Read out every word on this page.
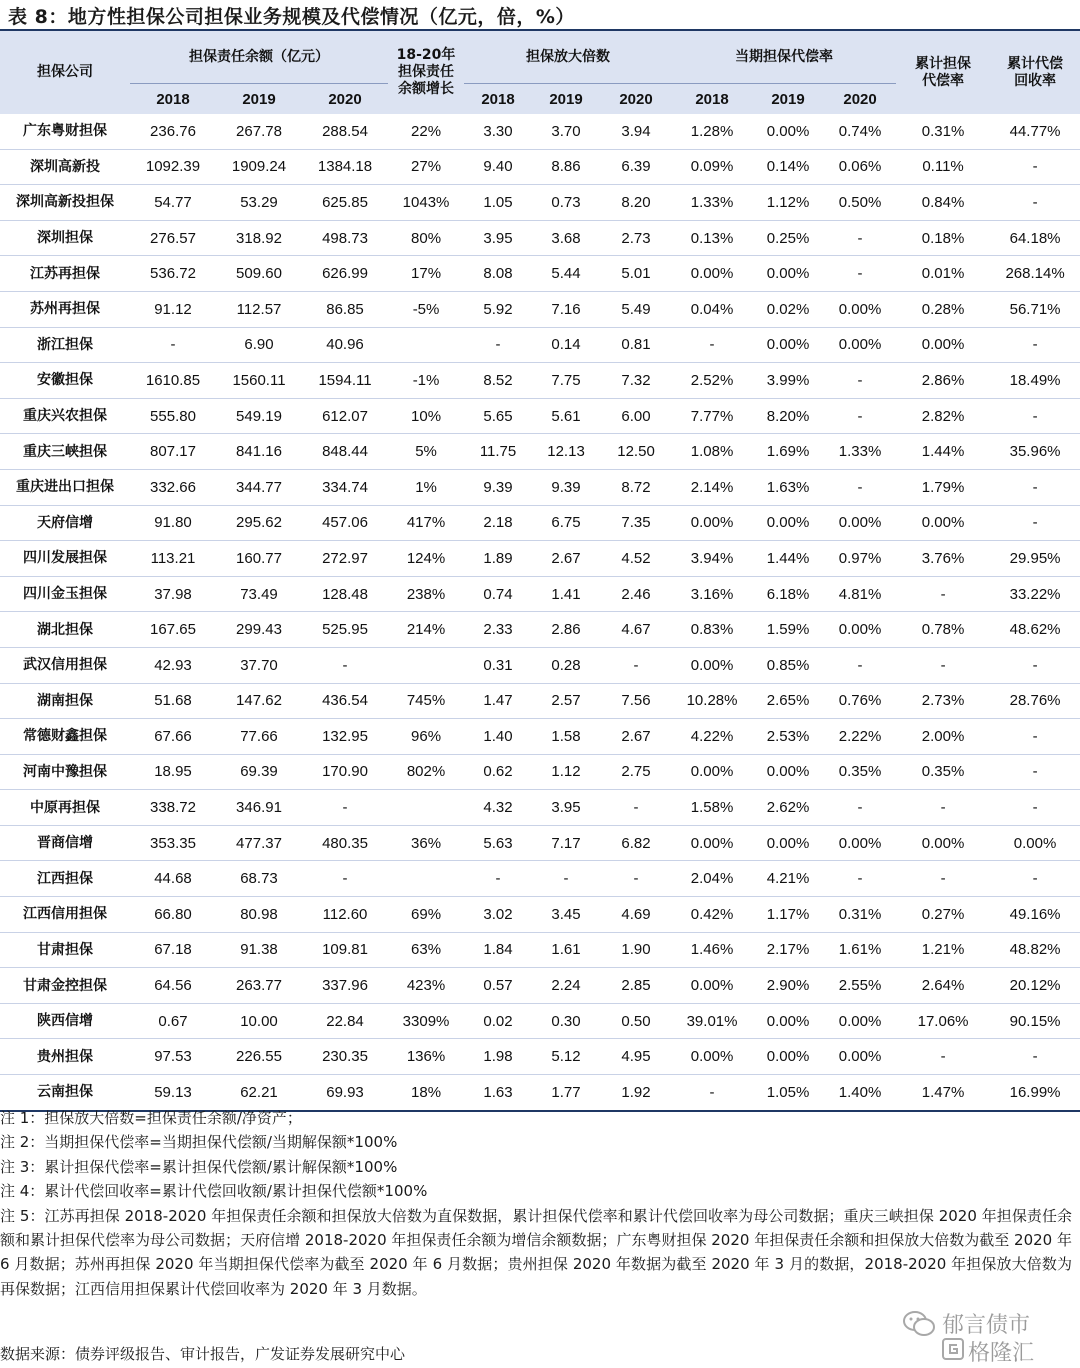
表 8：地方性担保公司担保业务规模及代偿情况（亿元，倍，%）
担保公司	担保责任余额（亿元）			18-20年担保责任余额增长	担保放大倍数			当期担保代偿率			累计担保代偿率	累计代偿回收率
	2018	2019	2020		2018	2019	2020	2018	2019	2020		
广东粤财担保	236.76	267.78	288.54	22%	3.30	3.70	3.94	1.28%	0.00%	0.74%	0.31%	44.77%
深圳高新投	1092.39	1909.24	1384.18	27%	9.40	8.86	6.39	0.09%	0.14%	0.06%	0.11%	-
深圳高新投担保	54.77	53.29	625.85	1043%	1.05	0.73	8.20	1.33%	1.12%	0.50%	0.84%	-
深圳担保	276.57	318.92	498.73	80%	3.95	3.68	2.73	0.13%	0.25%	-	0.18%	64.18%
江苏再担保	536.72	509.60	626.99	17%	8.08	5.44	5.01	0.00%	0.00%	-	0.01%	268.14%
苏州再担保	91.12	112.57	86.85	-5%	5.92	7.16	5.49	0.04%	0.02%	0.00%	0.28%	56.71%
浙江担保	-	6.90	40.96		-	0.14	0.81	-	0.00%	0.00%	0.00%	-
安徽担保	1610.85	1560.11	1594.11	-1%	8.52	7.75	7.32	2.52%	3.99%	-	2.86%	18.49%
重庆兴农担保	555.80	549.19	612.07	10%	5.65	5.61	6.00	7.77%	8.20%	-	2.82%	-
重庆三峡担保	807.17	841.16	848.44	5%	11.75	12.13	12.50	1.08%	1.69%	1.33%	1.44%	35.96%
重庆进出口担保	332.66	344.77	334.74	1%	9.39	9.39	8.72	2.14%	1.63%	-	1.79%	-
天府信增	91.80	295.62	457.06	417%	2.18	6.75	7.35	0.00%	0.00%	0.00%	0.00%	-
四川发展担保	113.21	160.77	272.97	124%	1.89	2.67	4.52	3.94%	1.44%	0.97%	3.76%	29.95%
四川金玉担保	37.98	73.49	128.48	238%	0.74	1.41	2.46	3.16%	6.18%	4.81%	-	33.22%
湖北担保	167.65	299.43	525.95	214%	2.33	2.86	4.67	0.83%	1.59%	0.00%	0.78%	48.62%
武汉信用担保	42.93	37.70	-		0.31	0.28	-	0.00%	0.85%	-	-	-
湖南担保	51.68	147.62	436.54	745%	1.47	2.57	7.56	10.28%	2.65%	0.76%	2.73%	28.76%
常德财鑫担保	67.66	77.66	132.95	96%	1.40	1.58	2.67	4.22%	2.53%	2.22%	2.00%	-
河南中豫担保	18.95	69.39	170.90	802%	0.62	1.12	2.75	0.00%	0.00%	0.35%	0.35%	-
中原再担保	338.72	346.91	-		4.32	3.95	-	1.58%	2.62%	-	-	-
晋商信增	353.35	477.37	480.35	36%	5.63	7.17	6.82	0.00%	0.00%	0.00%	0.00%	0.00%
江西担保	44.68	68.73	-		-	-	-	2.04%	4.21%	-	-	-
江西信用担保	66.80	80.98	112.60	69%	3.02	3.45	4.69	0.42%	1.17%	0.31%	0.27%	49.16%
甘肃担保	67.18	91.38	109.81	63%	1.84	1.61	1.90	1.46%	2.17%	1.61%	1.21%	48.82%
甘肃金控担保	64.56	263.77	337.96	423%	0.57	2.24	2.85	0.00%	2.90%	2.55%	2.64%	20.12%
陕西信增	0.67	10.00	22.84	3309%	0.02	0.30	0.50	39.01%	0.00%	0.00%	17.06%	90.15%
贵州担保	97.53	226.55	230.35	136%	1.98	5.12	4.95	0.00%	0.00%	0.00%	-	-
云南担保	59.13	62.21	69.93	18%	1.63	1.77	1.92	-	1.05%	1.40%	1.47%	16.99%
注 1：担保放大倍数=担保责任余额/净资产；
注 2：当期担保代偿率=当期担保代偿额/当期解保额*100%
注 3：累计担保代偿率=累计担保代偿额/累计解保额*100%
注 4：累计代偿回收率=累计代偿回收额/累计担保代偿额*100%
注 5：江苏再担保 2018-2020 年担保责任余额和担保放大倍数为直保数据，累计担保代偿率和累计代偿回收率为母公司数据；重庆三峡担保 2020 年担保责任余额和累计担保代偿率为母公司数据；天府信增 2018-2020 年担保责任余额为增信余额数据；广东粤财担保 2020 年担保责任余额和担保放大倍数为截至 2020 年 6 月数据；苏州再担保 2020 年当期担保代偿率为截至 2020 年 6 月数据；贵州担保 2020 年数据为截至 2020 年 3 月的数据，2018-2020 年担保放大倍数为再保数据；江西信用担保累计代偿回收率为 2020 年 3 月数据。
数据来源：债券评级报告、审计报告，广发证券发展研究中心
郁言债市
格隆汇
